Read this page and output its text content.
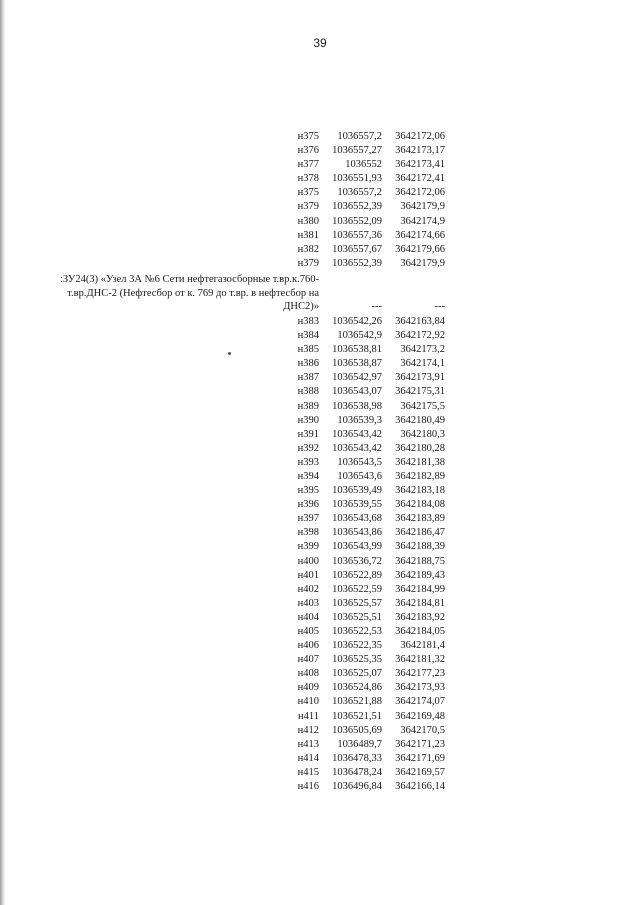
39
н375	1036557,2	3642172,06
н376	1036557,27	3642173,17
н377	1036552	3642173,41
н378	1036551,93	3642172,41
н375	1036557,2	3642172,06
н379	1036552,39	3642179,9
н380	1036552,09	3642174,9
н381	1036557,36	3642174,66
н382	1036557,67	3642179,66
н379	1036552,39	3642179,9
:ЗУ24(3) «Узел 3А №6 Сети нефтегазосборные т.вр.к.760-т.вр.ДНС-2 (Нефтесбор от к. 769 до т.вр. в нефтесбор на ДНС2)»	---	---
н383	1036542,26	3642163,84
н384	1036542,9	3642172,92
н385	1036538,81	3642173,2
н386	1036538,87	3642174,1
н387	1036542,97	3642173,91
н388	1036543,07	3642175,31
н389	1036538,98	3642175,5
н390	1036539,3	3642180,49
н391	1036543,42	3642180,3
н392	1036543,42	3642180,28
н393	1036543,5	3642181,38
н394	1036543,6	3642182,89
н395	1036539,49	3642183,18
н396	1036539,55	3642184,08
н397	1036543,68	3642183,89
н398	1036543,86	3642186,47
н399	1036543,99	3642188,39
н400	1036536,72	3642188,75
н401	1036522,89	3642189,43
н402	1036522,59	3642184,99
н403	1036525,57	3642184,81
н404	1036525,51	3642183,92
н405	1036522,53	3642184,05
н406	1036522,35	3642181,4
н407	1036525,35	3642181,32
н408	1036525,07	3642177,23
н409	1036524,86	3642173,93
н410	1036521,88	3642174,07
н411	1036521,51	3642169,48
н412	1036505,69	3642170,5
н413	1036489,7	3642171,23
н414	1036478,33	3642171,69
н415	1036478,24	3642169,57
н416	1036496,84	3642166,14
